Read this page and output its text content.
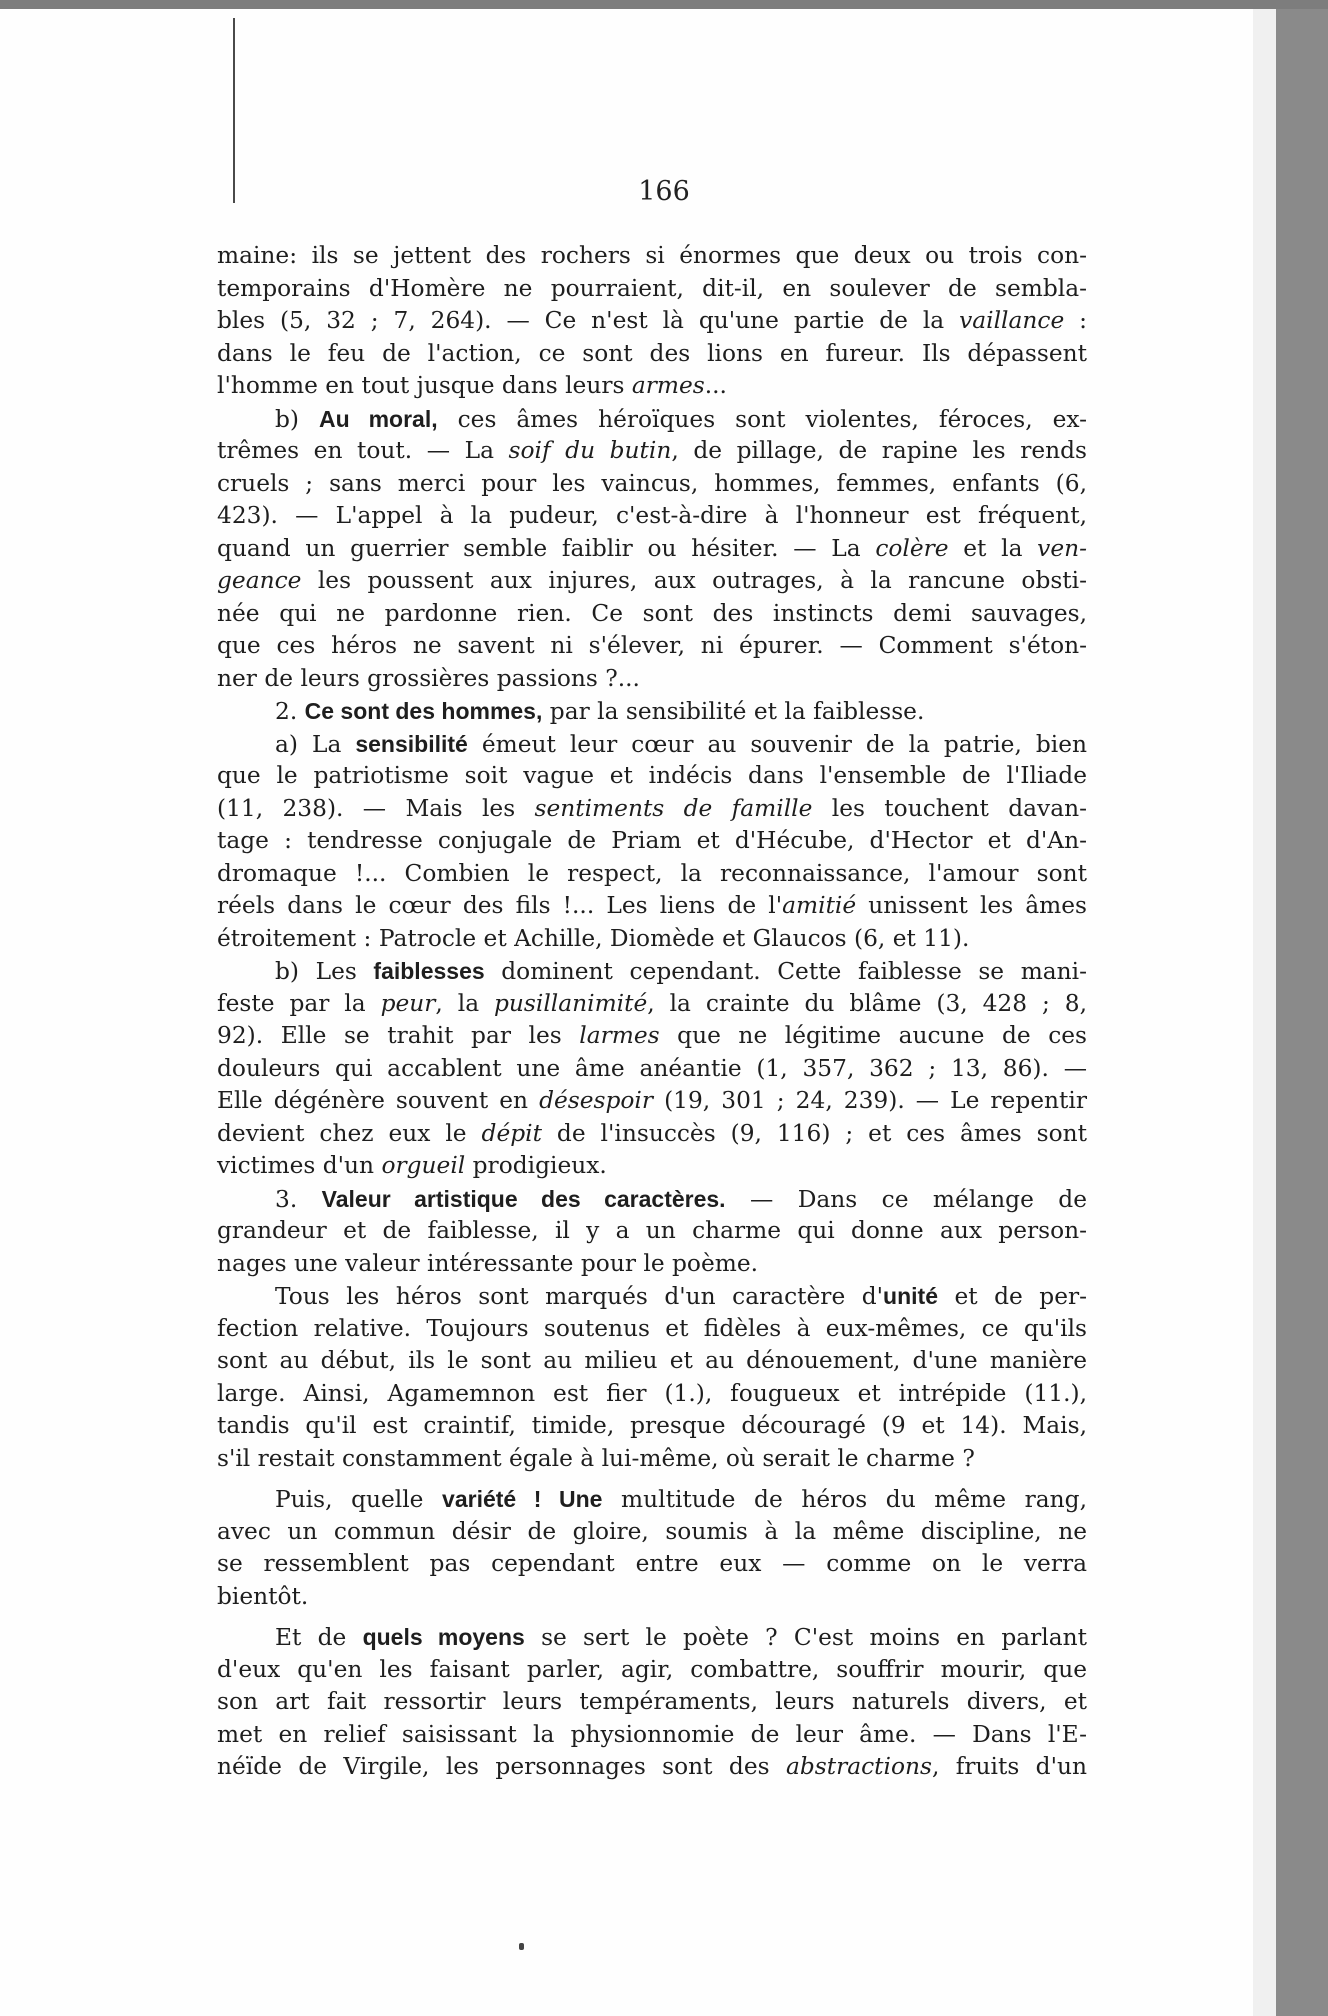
166
maine: ils se jettent des rochers si énormes que deux ou trois con-
temporains d'Homère ne pourraient, dit-il, en soulever de sembla-
bles (5, 32 ; 7, 264). — Ce n'est là qu'une partie de la vaillance :
dans le feu de l'action, ce sont des lions en fureur. Ils dépassent
l'homme en tout jusque dans leurs armes...
b) Au moral, ces âmes héroïques sont violentes, féroces, ex-
trêmes en tout. — La soif du butin, de pillage, de rapine les rends
cruels ; sans merci pour les vaincus, hommes, femmes, enfants (6,
423). — L'appel à la pudeur, c'est-à-dire à l'honneur est fréquent,
quand un guerrier semble faiblir ou hésiter. — La colère et la ven-
geance les poussent aux injures, aux outrages, à la rancune obsti-
née qui ne pardonne rien. Ce sont des instincts demi sauvages,
que ces héros ne savent ni s'élever, ni épurer. — Comment s'éton-
ner de leurs grossières passions ?...
2. Ce sont des hommes, par la sensibilité et la faiblesse.
a) La sensibilité émeut leur cœur au souvenir de la patrie, bien
que le patriotisme soit vague et indécis dans l'ensemble de l'Iliade
(11, 238). — Mais les sentiments de famille les touchent davan-
tage : tendresse conjugale de Priam et d'Hécube, d'Hector et d'An-
dromaque !... Combien le respect, la reconnaissance, l'amour sont
réels dans le cœur des fils !... Les liens de l'amitié unissent les âmes
étroitement : Patrocle et Achille, Diomède et Glaucos (6, et 11).
b) Les faiblesses dominent cependant. Cette faiblesse se mani-
feste par la peur, la pusillanimité, la crainte du blâme (3, 428 ; 8,
92). Elle se trahit par les larmes que ne légitime aucune de ces
douleurs qui accablent une âme anéantie (1, 357, 362 ; 13, 86). —
Elle dégénère souvent en désespoir (19, 301 ; 24, 239). — Le repentir
devient chez eux le dépit de l'insuccès (9, 116) ; et ces âmes sont
victimes d'un orgueil prodigieux.
3. Valeur artistique des caractères. — Dans ce mélange de
grandeur et de faiblesse, il y a un charme qui donne aux person-
nages une valeur intéressante pour le poème.
Tous les héros sont marqués d'un caractère d'unité et de per-
fection relative. Toujours soutenus et fidèles à eux-mêmes, ce qu'ils
sont au début, ils le sont au milieu et au dénouement, d'une manière
large. Ainsi, Agamemnon est fier (1.), fougueux et intrépide (11.),
tandis qu'il est craintif, timide, presque découragé (9 et 14). Mais,
s'il restait constamment égale à lui-même, où serait le charme ?
Puis, quelle variété ! Une multitude de héros du même rang,
avec un commun désir de gloire, soumis à la même discipline, ne
se ressemblent pas cependant entre eux — comme on le verra
bientôt.
Et de quels moyens se sert le poète ? C'est moins en parlant
d'eux qu'en les faisant parler, agir, combattre, souffrir mourir, que
son art fait ressortir leurs tempéraments, leurs naturels divers, et
met en relief saisissant la physionnomie de leur âme. — Dans l'E-
néïde de Virgile, les personnages sont des abstractions, fruits d'un
